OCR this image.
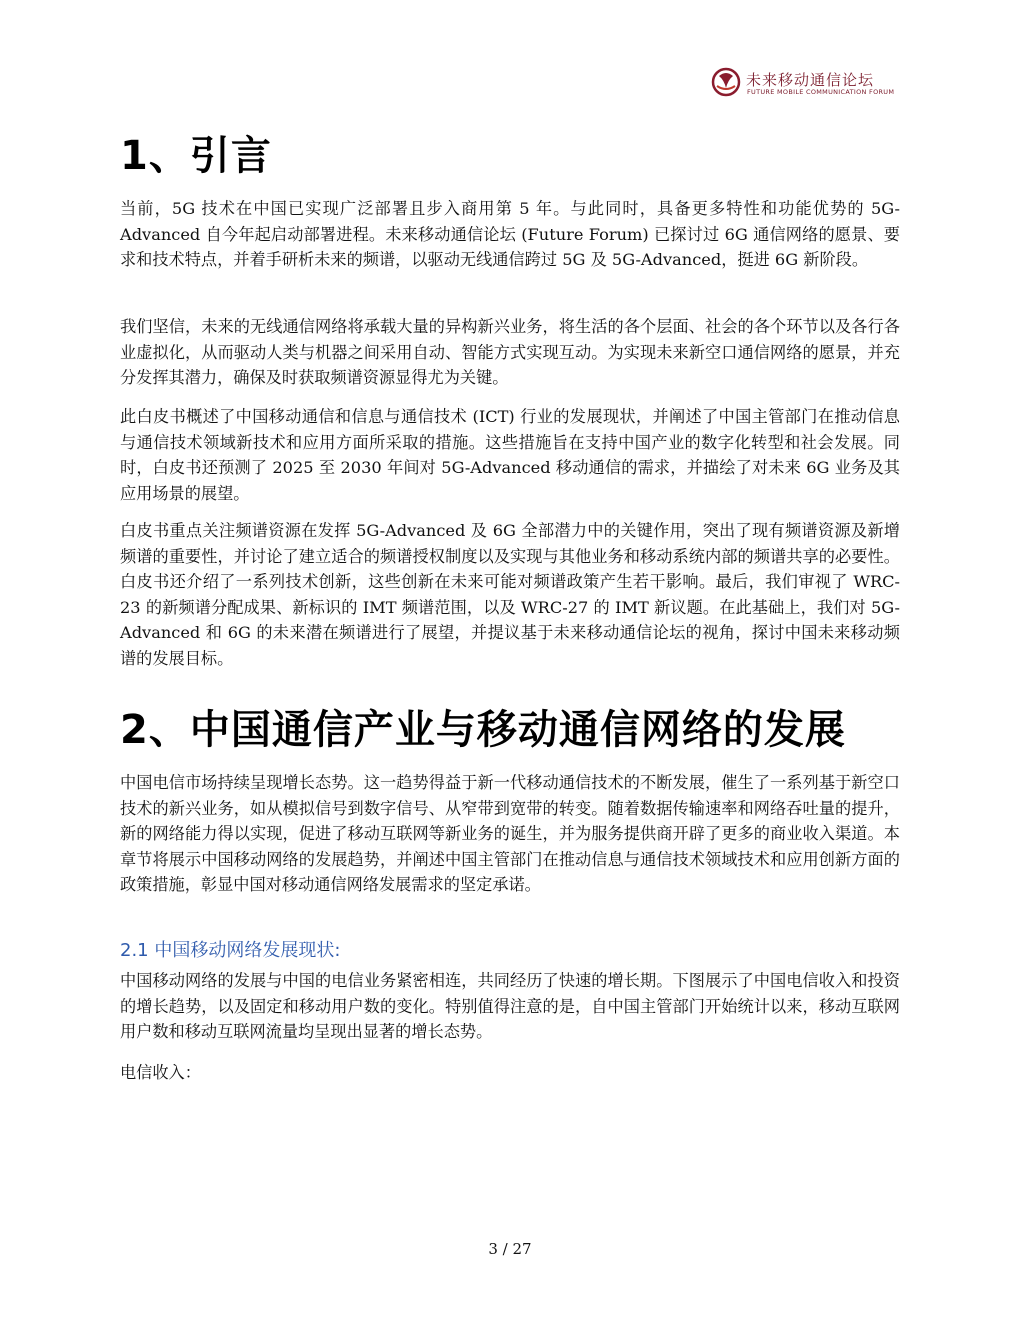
未来移动通信论坛
FUTURE MOBILE COMMUNICATION FORUM
1、引言
当前，5G 技术在中国已实现广泛部署且步入商用第 5 年。与此同时，具备更多特性和功能优势的 5G-Advanced 自今年起启动部署进程。未来移动通信论坛 (Future Forum) 已探讨过 6G 通信网络的愿景、要求和技术特点，并着手研析未来的频谱，以驱动无线通信跨过 5G 及 5G-Advanced，挺进 6G 新阶段。
我们坚信，未来的无线通信网络将承载大量的异构新兴业务，将生活的各个层面、社会的各个环节以及各行各业虚拟化，从而驱动人类与机器之间采用自动、智能方式实现互动。为实现未来新空口通信网络的愿景，并充分发挥其潜力，确保及时获取频谱资源显得尤为关键。
此白皮书概述了中国移动通信和信息与通信技术 (ICT) 行业的发展现状，并阐述了中国主管部门在推动信息与通信技术领域新技术和应用方面所采取的措施。这些措施旨在支持中国产业的数字化转型和社会发展。同时，白皮书还预测了 2025 至 2030 年间对 5G-Advanced 移动通信的需求，并描绘了对未来 6G 业务及其应用场景的展望。
白皮书重点关注频谱资源在发挥 5G-Advanced 及 6G 全部潜力中的关键作用，突出了现有频谱资源及新增频谱的重要性，并讨论了建立适合的频谱授权制度以及实现与其他业务和移动系统内部的频谱共享的必要性。白皮书还介绍了一系列技术创新，这些创新在未来可能对频谱政策产生若干影响。最后，我们审视了 WRC-23 的新频谱分配成果、新标识的 IMT 频谱范围，以及 WRC-27 的 IMT 新议题。在此基础上，我们对 5G-Advanced 和 6G 的未来潜在频谱进行了展望，并提议基于未来移动通信论坛的视角，探讨中国未来移动频谱的发展目标。
2、中国通信产业与移动通信网络的发展
中国电信市场持续呈现增长态势。这一趋势得益于新一代移动通信技术的不断发展，催生了一系列基于新空口技术的新兴业务，如从模拟信号到数字信号、从窄带到宽带的转变。随着数据传输速率和网络吞吐量的提升，新的网络能力得以实现，促进了移动互联网等新业务的诞生，并为服务提供商开辟了更多的商业收入渠道。本章节将展示中国移动网络的发展趋势，并阐述中国主管部门在推动信息与通信技术领域技术和应用创新方面的政策措施，彰显中国对移动通信网络发展需求的坚定承诺。
2.1 中国移动网络发展现状:
中国移动网络的发展与中国的电信业务紧密相连，共同经历了快速的增长期。下图展示了中国电信收入和投资的增长趋势，以及固定和移动用户数的变化。特别值得注意的是，自中国主管部门开始统计以来，移动互联网用户数和移动互联网流量均呈现出显著的增长态势。
电信收入：
3 / 27
